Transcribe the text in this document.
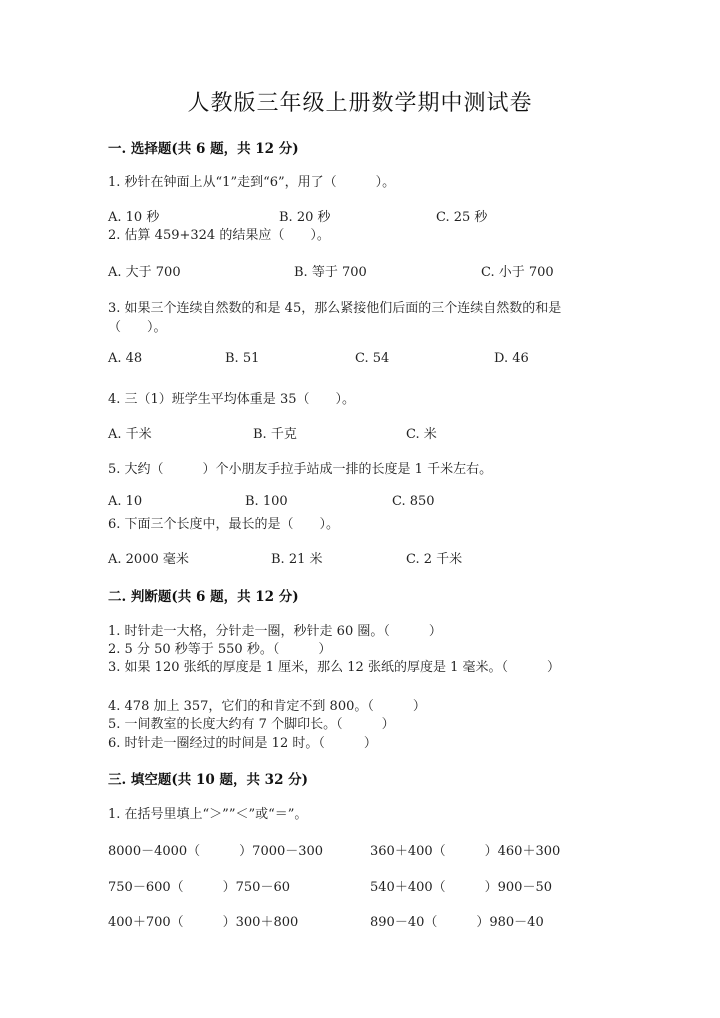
人教版三年级上册数学期中测试卷
一. 选择题(共 6 题，共 12 分)
1. 秒针在钟面上从“1”走到“6”，用了（　　　）。
A. 10 秒	B. 20 秒	C. 25 秒
2. 估算 459+324 的结果应（　　）。
A. 大于 700	B. 等于 700	C. 小于 700
3. 如果三个连续自然数的和是 45，那么紧接他们后面的三个连续自然数的和是
（　　）。
A. 48	B. 51	C. 54	D. 46
4. 三（1）班学生平均体重是 35（　　）。
A. 千米	B. 千克	C. 米
5. 大约（　　　）个小朋友手拉手站成一排的长度是 1 千米左右。
A. 10	B. 100	C. 850
6. 下面三个长度中，最长的是（　　）。
A. 2000 毫米	B. 21 米	C. 2 千米
二. 判断题(共 6 题，共 12 分)
1. 时针走一大格，分针走一圈，秒针走 60 圈。（　　　）
2. 5 分 50 秒等于 550 秒。（　　　）
3. 如果 120 张纸的厚度是 1 厘米，那么 12 张纸的厚度是 1 毫米。（　　　）
4. 478 加上 357，它们的和肯定不到 800。（　　　）
5. 一间教室的长度大约有 7 个脚印长。（　　　）
6. 时针走一圈经过的时间是 12 时。（　　　）
三. 填空题(共 10 题，共 32 分)
1. 在括号里填上“＞””＜”或“＝”。
8000－4000（　　　）7000－300	360＋400（　　　）460＋300
750－600（　　　）750－60	540＋400（　　　）900－50
400＋700（　　　）300＋800	890－40（　　　）980－40
